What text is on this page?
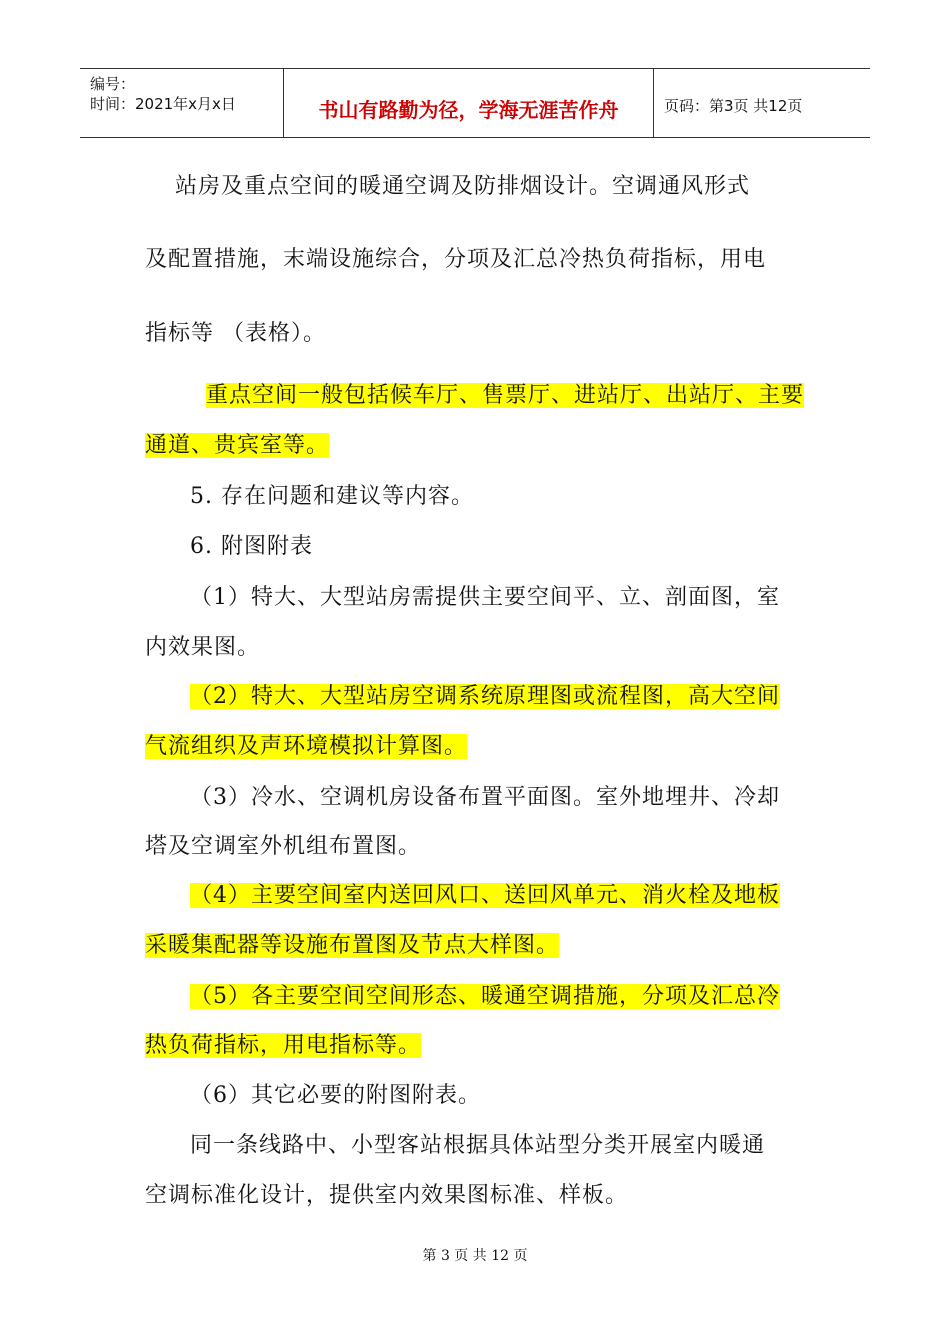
编号：
时间：2021年x月x日	书山有路勤为径，学海无涯苦作舟	页码：第3页 共12页
站房及重点空间的暖通空调及防排烟设计。空调通风形式
及配置措施，末端设施综合，分项及汇总冷热负荷指标，用电
指标等 （表格）。
重点空间一般包括候车厅、售票厅、进站厅、出站厅、主要
通道、贵宾室等。
5. 存在问题和建议等内容。
6. 附图附表
（1）特大、大型站房需提供主要空间平、立、剖面图，室
内效果图。
（2）特大、大型站房空调系统原理图或流程图，高大空间
气流组织及声环境模拟计算图。
（3）冷水、空调机房设备布置平面图。室外地埋井、冷却
塔及空调室外机组布置图。
（4）主要空间室内送回风口、送回风单元、消火栓及地板
采暖集配器等设施布置图及节点大样图。
（5）各主要空间空间形态、暖通空调措施，分项及汇总冷
热负荷指标，用电指标等。
（6）其它必要的附图附表。
同一条线路中、小型客站根据具体站型分类开展室内暖通
空调标准化设计，提供室内效果图标准、样板。
第 3 页 共 12 页
